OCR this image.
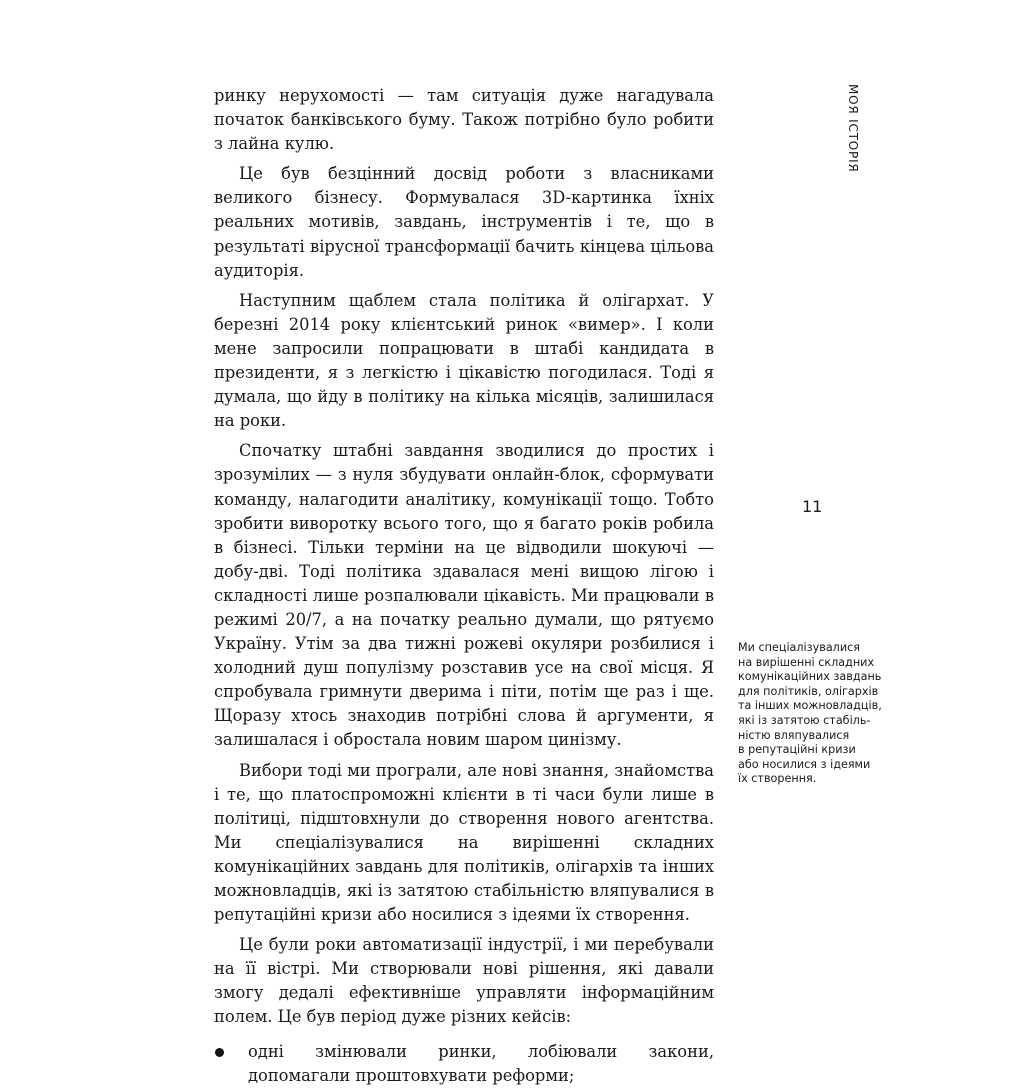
ринку нерухомості — там ситуація дуже нагадувала початок банківського буму. Також потрібно було робити з лайна кулю.

Це був безцінний досвід роботи з власниками великого бізнесу. Формувалася 3D-картинка їхніх реальних мотивів, завдань, інструментів і те, що в результаті вірусної трансформації бачить кінцева цільова аудиторія.

Наступним щаблем стала політика й олігархат. У березні 2014 року клієнтський ринок «вимер». І коли мене запросили попрацювати в штабі кандидата в президенти, я з легкістю і цікавістю погодилася. Тоді я думала, що йду в політику на кілька місяців, залишилася на роки.

Спочатку штабні завдання зводилися до простих і зрозумілих — з нуля збудувати онлайн-блок, сформувати команду, налагодити аналітику, комунікації тощо. Тобто зробити виворотку всього того, що я багато років робила в бізнесі. Тільки терміни на це відводили шокуючі — добу-дві. Тоді політика здавалася мені вищою лігою і складності лише розпалювали цікавість. Ми працювали в режимі 20/7, а на початку реально думали, що рятуємо Україну. Утім за два тижні рожеві окуляри розбилися і холодний душ популізму розставив усе на свої місця. Я спробувала гримнути дверима і піти, потім ще раз і ще. Щоразу хтось знаходив потрібні слова й аргументи, я залишалася і обростала новим шаром цинізму.

Вибори тоді ми програли, але нові знання, знайомства і те, що платоспроможні клієнти в ті часи були лише в політиці, підштовхнули до створення нового агентства. Ми спеціалізувалися на вирішенні складних комунікаційних завдань для політиків, олігархів та інших можновладців, які із затятою стабільністю вляпувалися в репутаційні кризи або носилися з ідеями їх створення.

Це були роки автоматизації індустрії, і ми перебували на її вістрі. Ми створювали нові рішення, які давали змогу дедалі ефективніше управляти інформаційним полем. Це був період дуже різних кейсів:

одні змінювали ринки, лобіювали закони, допомагали проштовхувати реформи;
МОЯ ІСТОРІЯ
11
Ми спеціалізувалися
на вирішенні складних
комунікаційних завдань
для політиків, олігархів
та інших можновладців,
які із затятою стабіль-
ністю вляпувалися
в репутаційні кризи
або носилися з ідеями
їх створення.
